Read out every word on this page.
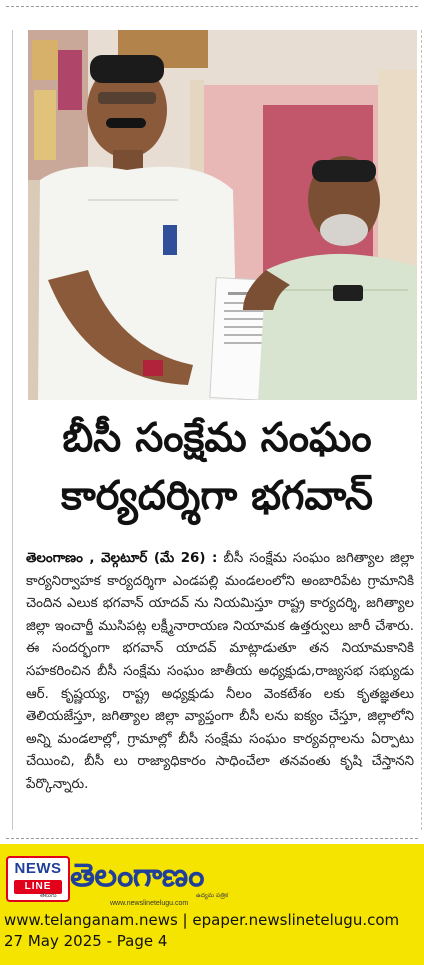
బీసీ సంక్షేమ సంఘం
కార్యదర్శిగా భగవాన్

తెలంగాణం , వెల్గటూర్ (మే 26) : బీసీ సంక్షేమ సంఘం జగిత్యాల జిల్లా కార్యనిర్వాహక కార్యదర్శిగా ఎండపల్లి మండలంలోని అంబారిపేట గ్రామానికి చెందిన ఎలుక భగవాన్ యాదవ్ ను నియమిస్తూ రాష్ట్ర కార్యదర్శి, జగిత్యాల జిల్లా ఇంచార్జీ ముసిపట్ల లక్ష్మీనారాయణ నియామక ఉత్తర్వులు జారీ చేశారు. ఈ సందర్భంగా భగవాన్ యాదవ్ మాట్లాడుతూ తన నియామకానికి సహకరించిన బీసీ సంక్షేమ సంఘం జాతీయ అధ్యక్షుడు,రాజ్యసభ సభ్యుడు ఆర్. కృష్ణయ్య, రాష్ట్ర అధ్యక్షుడు నీలం వెంకటేశం లకు కృతజ్ఞతలు తెలియజేస్తూ, జగిత్యాల జిల్లా వ్యాప్తంగా బీసీ లను ఐక్యం చేస్తూ, జిల్లాలోని అన్ని మండలాల్లో, గ్రామాల్లో బీసీ సంక్షేమ సంఘం కార్యవర్గాలను ఏర్పాటు చేయించి, బీసీ లు రాజ్యాధికారం సాధించేలా తనవంతు కృషి చేస్తానని పేర్కొన్నారు.

NEWS
LINE
తెలుగు
తెలంగాణం
ఉద్యమ పత్రిక
www.newslinetelugu.com
www.telanganam.news | epaper.newslinetelugu.com
27 May 2025 - Page 4
